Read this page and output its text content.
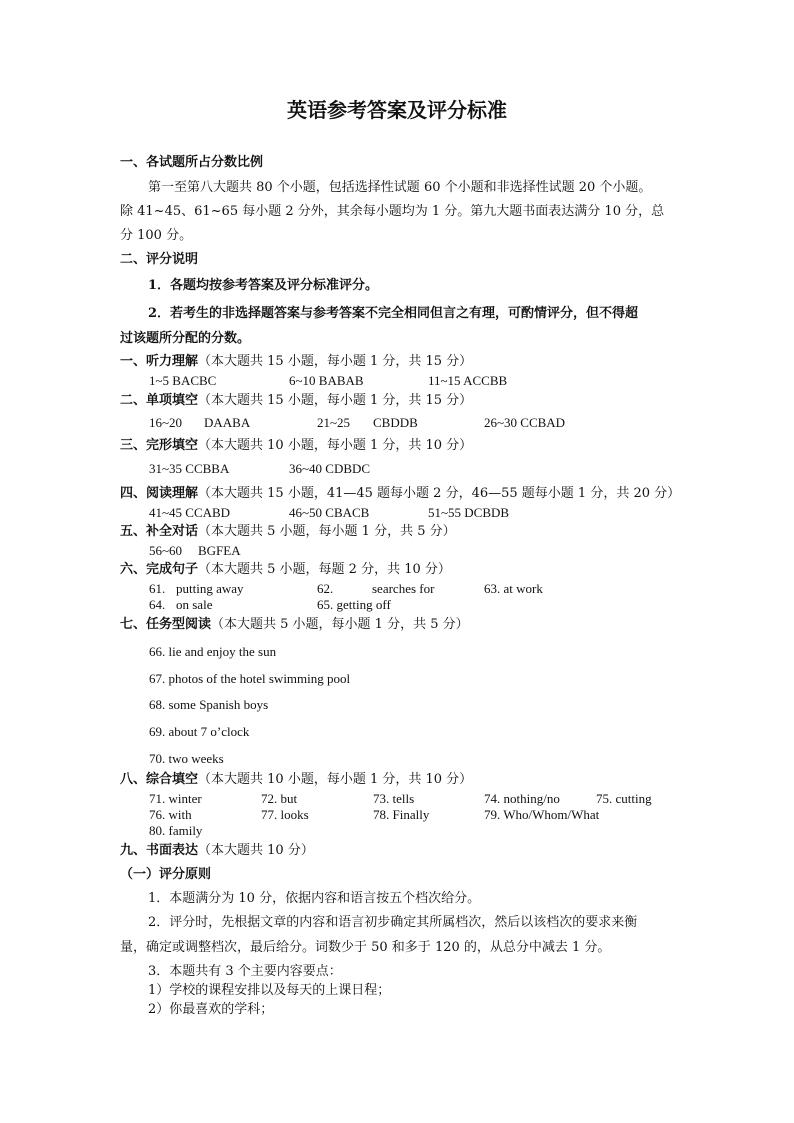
英语参考答案及评分标准
一、各试题所占分数比例
第一至第八大题共 80 个小题，包括选择性试题 60 个小题和非选择性试题 20 个小题。
除 41~45、61~65 每小题 2 分外，其余每小题均为 1 分。第九大题书面表达满分 10 分，总
分 100 分。
二、评分说明
1．各题均按参考答案及评分标准评分。
2．若考生的非选择题答案与参考答案不完全相同但言之有理，可酌情评分，但不得超
过该题所分配的分数。
一、听力理解（本大题共 15 小题，每小题 1 分，共 15 分）
1~5 BACBC	6~10 BABAB	11~15 ACCBB
二、单项填空（本大题共 15 小题，每小题 1 分，共 15 分）
16~20 DAABA	21~25 CBDDB	26~30 CCBAD
三、完形填空（本大题共 10 小题，每小题 1 分，共 10 分）
31~35 CCBBA	36~40 CDBDC
四、阅读理解（本大题共 15 小题，41—45 题每小题 2 分，46—55 题每小题 1 分，共 20 分）
41~45 CCABD	46~50 CBACB	51~55 DCBDB
五、补全对话（本大题共 5 小题，每小题 1 分，共 5 分）
56~60 BGFEA
六、完成句子（本大题共 5 小题，每题 2 分，共 10 分）
61. putting away	62.	searches for	63. at work
64. on sale	65. getting off
七、任务型阅读（本大题共 5 小题，每小题 1 分，共 5 分）
66. lie and enjoy the sun
67. photos of the hotel swimming pool
68. some Spanish boys
69. about 7 o’clock
70. two weeks
八、综合填空（本大题共 10 小题，每小题 1 分，共 10 分）
71. winter	72. but	73. tells	74. nothing/no	75. cutting
76. with	77. looks	78. Finally	79. Who/Whom/What
80. family
九、书面表达（本大题共 10 分）
（一）评分原则
1．本题满分为 10 分，依据内容和语言按五个档次给分。
2．评分时，先根据文章的内容和语言初步确定其所属档次，然后以该档次的要求来衡
量，确定或调整档次，最后给分。词数少于 50 和多于 120 的，从总分中减去 1 分。
3．本题共有 3 个主要内容要点：
1）学校的课程安排以及每天的上课日程；
2）你最喜欢的学科；
